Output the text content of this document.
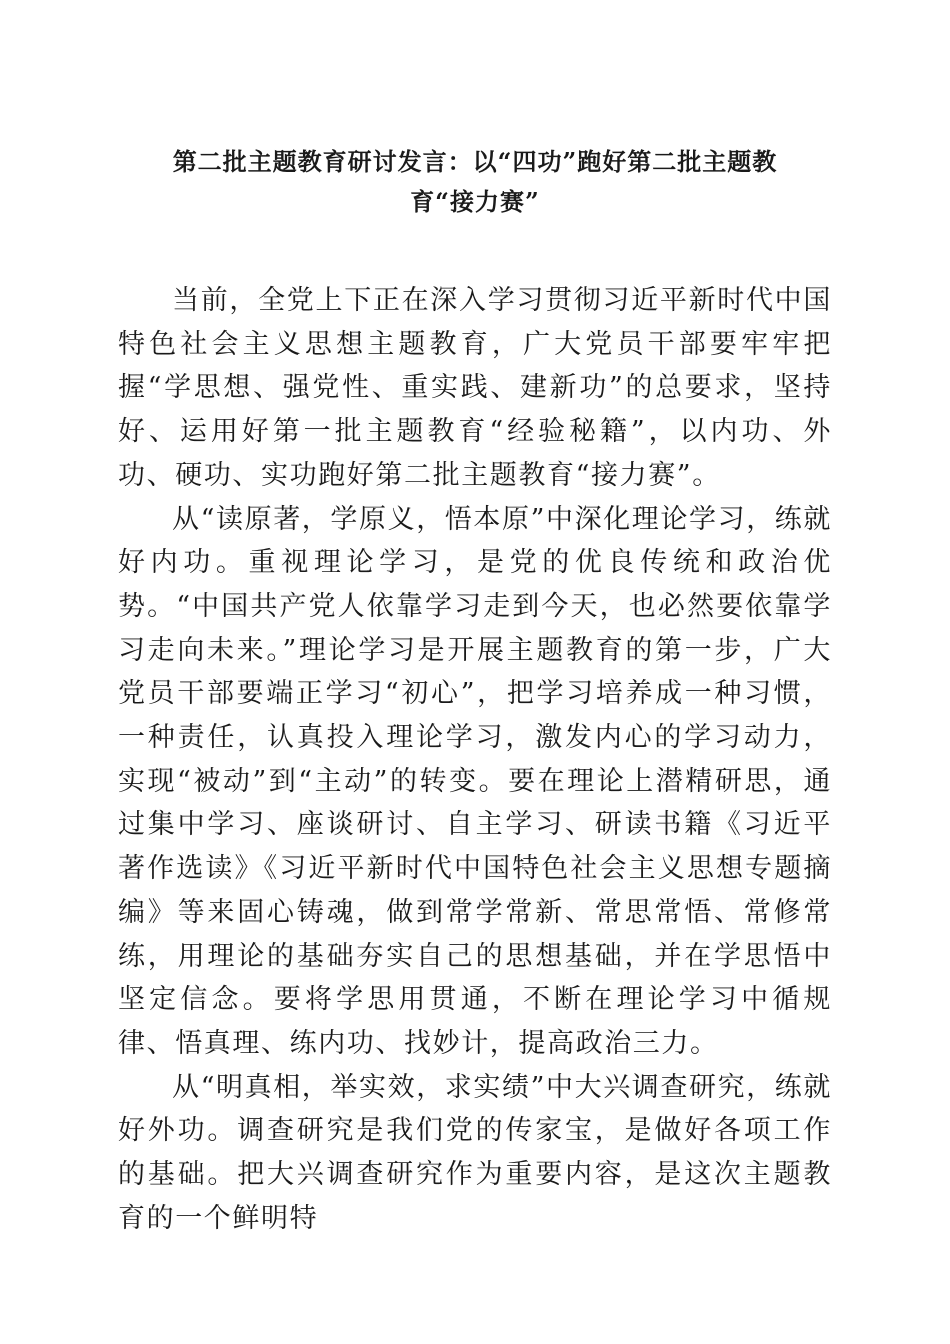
第二批主题教育研讨发言：以“四功”跑好第二批主题教
育“接力赛”

当前，全党上下正在深入学习贯彻习近平新时代中国特色社会主义思想主题教育，广大党员干部要牢牢把握“学思想、强党性、重实践、建新功”的总要求，坚持好、运用好第一批主题教育“经验秘籍”，以内功、外功、硬功、实功跑好第二批主题教育“接力赛”。

从“读原著，学原义，悟本原”中深化理论学习，练就好内功。重视理论学习，是党的优良传统和政治优势。“中国共产党人依靠学习走到今天，也必然要依靠学习走向未来。”理论学习是开展主题教育的第一步，广大党员干部要端正学习“初心”，把学习培养成一种习惯，一种责任，认真投入理论学习，激发内心的学习动力，实现“被动”到“主动”的转变。要在理论上潜精研思，通过集中学习、座谈研讨、自主学习、研读书籍《习近平著作选读》《习近平新时代中国特色社会主义思想专题摘编》等来固心铸魂，做到常学常新、常思常悟、常修常练，用理论的基础夯实自己的思想基础，并在学思悟中坚定信念。要将学思用贯通，不断在理论学习中循规律、悟真理、练内功、找妙计，提高政治三力。

从“明真相，举实效，求实绩”中大兴调查研究，练就好外功。调查研究是我们党的传家宝，是做好各项工作的基础。把大兴调查研究作为重要内容，是这次主题教育的一个鲜明特
